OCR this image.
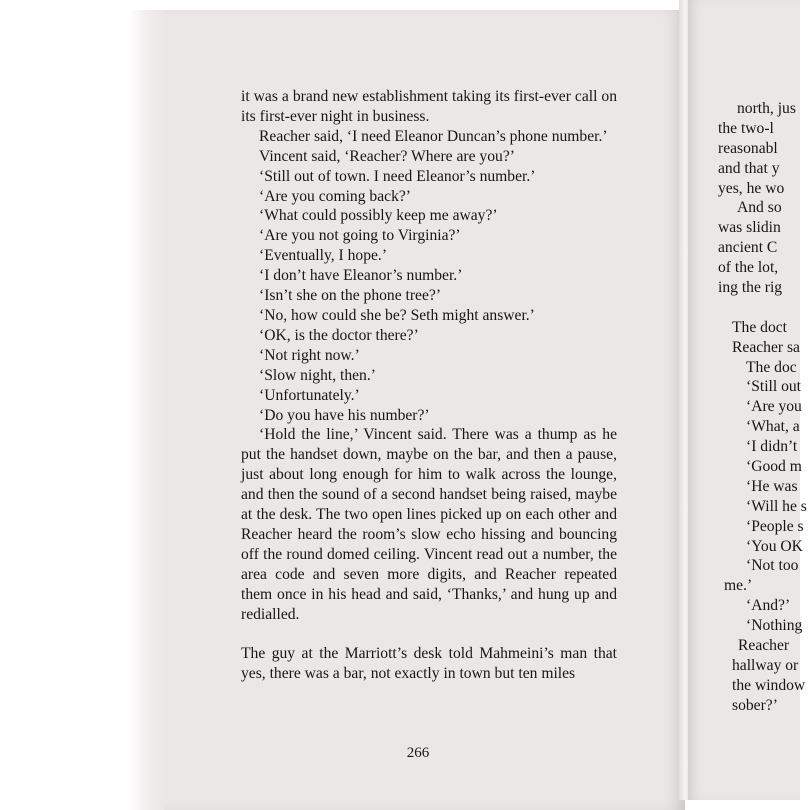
it was a brand new establishment taking its first-ever call on its first-ever night in business.

Reacher said, ‘I need Eleanor Duncan’s phone number.’

Vincent said, ‘Reacher? Where are you?’

‘Still out of town. I need Eleanor’s number.’

‘Are you coming back?’

‘What could possibly keep me away?’

‘Are you not going to Virginia?’

‘Eventually, I hope.’

‘I don’t have Eleanor’s number.’

‘Isn’t she on the phone tree?’

‘No, how could she be? Seth might answer.’

‘OK, is the doctor there?’

‘Not right now.’

‘Slow night, then.’

‘Unfortunately.’

‘Do you have his number?’

‘Hold the line,’ Vincent said. There was a thump as he put the handset down, maybe on the bar, and then a pause, just about long enough for him to walk across the lounge, and then the sound of a second handset being raised, maybe at the desk. The two open lines picked up on each other and Reacher heard the room’s slow echo hissing and bouncing off the round domed ceiling. Vincent read out a number, the area code and seven more digits, and Reacher repeated them once in his head and said, ‘Thanks,’ and hung up and redialled.

The guy at the Marriott’s desk told Mahmeini’s man that yes, there was a bar, not exactly in town but ten miles

266
north, jus
the two-l
reasonabl
and that y
yes, he wo
And so
was slidin
ancient C
of the lot,
ing the rig
The doct
Reacher sa
The doc
‘Still out
‘Are you
‘What, a
‘I didn’t
‘Good m
‘He was
‘Will he s
‘People s
‘You OK
‘Not too
me.’
‘And?’
‘Nothing
Reacher
hallway or
the window
sober?’
